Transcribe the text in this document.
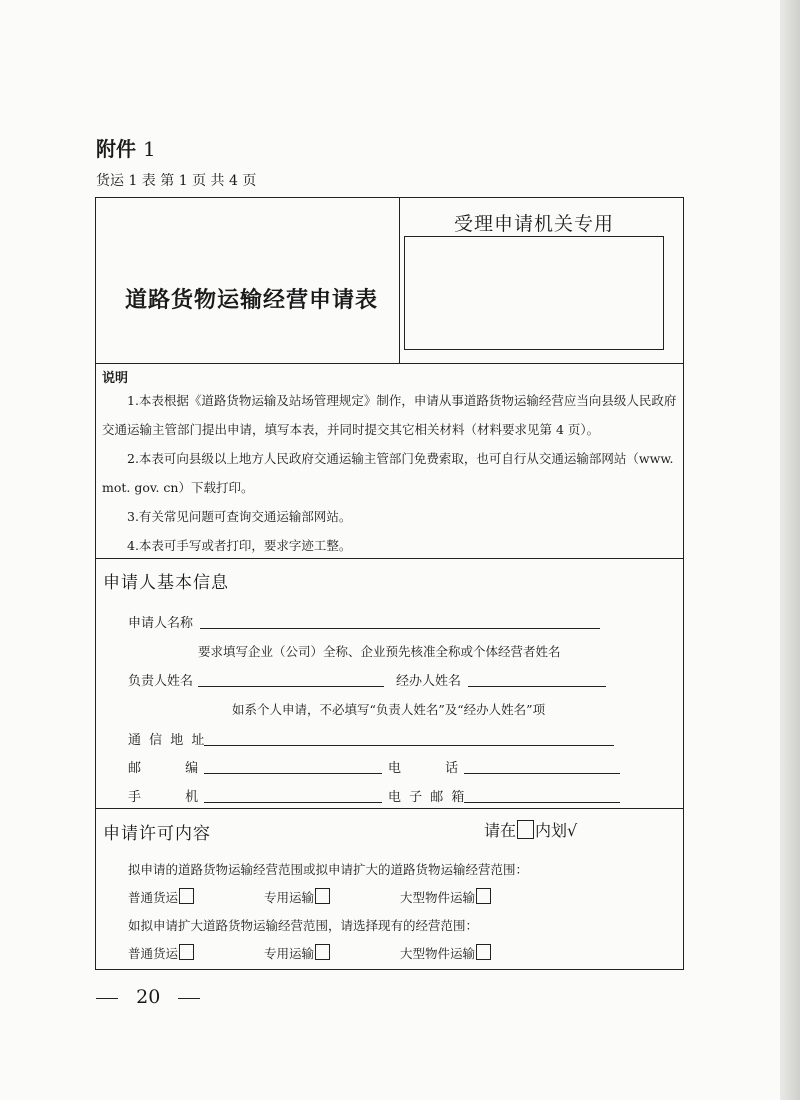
附件 1
货运 1 表 第 1 页 共 4 页
受理申请机关专用
道路货物运输经营申请表
说明

1.本表根据《道路货物运输及站场管理规定》制作，申请从事道路货物运输经营应当向县级人民政府交通运输主管部门提出申请，填写本表，并同时提交其它相关材料（材料要求见第 4 页）。

2.本表可向县级以上地方人民政府交通运输主管部门免费索取，也可自行从交通运输部网站（www. mot. gov. cn）下载打印。

3.有关常见问题可查询交通运输部网站。

4.本表可手写或者打印，要求字迹工整。

申请人基本信息
申请人名称
要求填写企业（公司）全称、企业预先核准全称或个体经营者姓名
负责人姓名	经办人姓名
如系个人申请，不必填写“负责人姓名”及“经办人姓名”项
通 信 地 址
邮 编	电 话
手 机	电 子 邮 箱
申请许可内容	请在 内划√
拟申请的道路货物运输经营范围或拟申请扩大的道路货物运输经营范围：
普通货运	专用运输	大型物件运输
如拟申请扩大道路货物运输经营范围，请选择现有的经营范围：
普通货运	专用运输	大型物件运输
20
